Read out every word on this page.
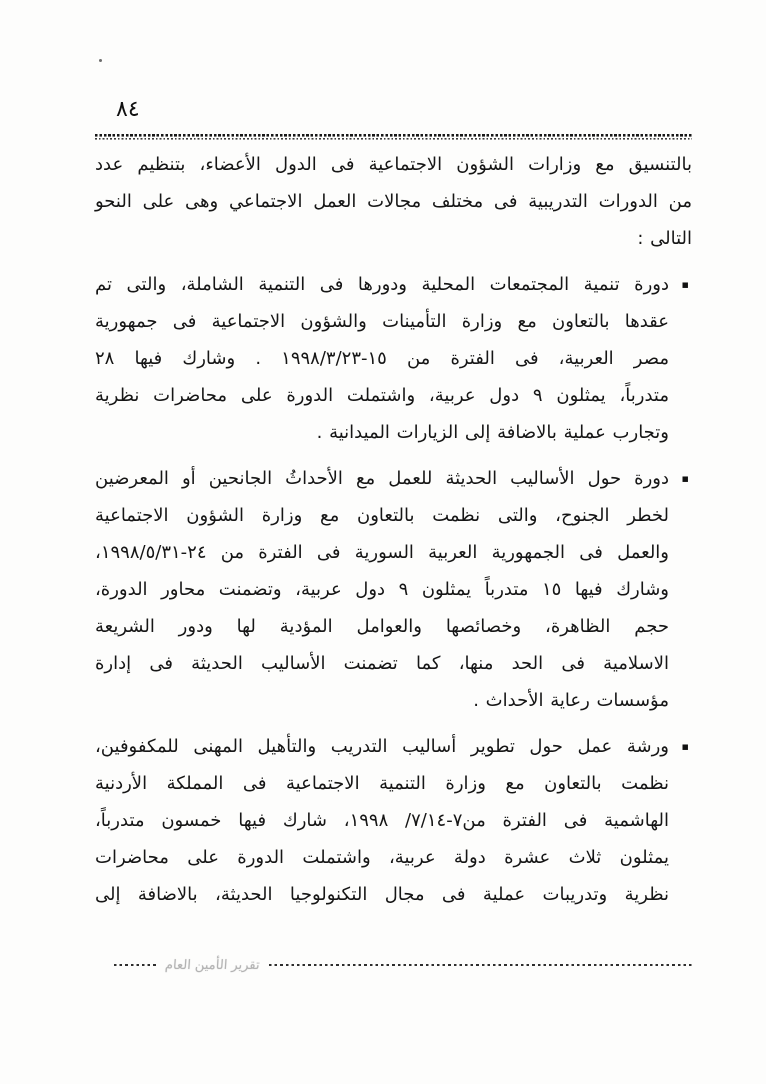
٨٤
بالتنسيق مع وزارات الشؤون الاجتماعية فى الدول الأعضاء، بتنظيم عدد
من الدورات التدريبية فى مختلف مجالات العمل الاجتماعي وهى على النحو
التالى :
▪
دورة تنمية المجتمعات المحلية ودورها فى التنمية الشاملة، والتى تم
عقدها بالتعاون مع وزارة التأمينات والشؤون الاجتماعية فى جمهورية
مصر العربية، فى الفترة من ١٥-٢٣‏/‏٣‏/‏١٩٩٨ . وشارك فيها ٢٨
متدرباً، يمثلون ٩ دول عربية، واشتملت الدورة على محاضرات نظرية
وتجارب عملية بالاضافة إلى الزيارات الميدانية .
▪
دورة حول الأساليب الحديثة للعمل مع الأحداثُ الجانحين أو المعرضين
لخطر الجنوح، والتى نظمت بالتعاون مع وزارة الشؤون الاجتماعية
والعمل فى الجمهورية العربية السورية فى الفترة من ٢٤-٣١‏/‏٥‏/‏١٩٩٨،
وشارك فيها ١٥ متدرباً يمثلون ٩ دول عربية، وتضمنت محاور الدورة،
حجم الظاهرة، وخصائصها والعوامل المؤدية لها ودور الشريعة
الاسلامية فى الحد منها، كما تضمنت الأساليب الحديثة فى إدارة
مؤسسات رعاية الأحداث .
▪
ورشة عمل حول تطوير أساليب التدريب والتأهيل المهنى للمكفوفين،
نظمت بالتعاون مع وزارة التنمية الاجتماعية فى المملكة الأردنية
الهاشمية فى الفترة من٧-١٤‏/‏٧‏/ ١٩٩٨، شارك فيها خمسون متدرباً،
يمثلون ثلاث عشرة دولة عربية، واشتملت الدورة على محاضرات
نظرية وتدريبات عملية فى مجال التكنولوجيا الحديثة، بالاضافة إلى
تقرير الأمين العام
